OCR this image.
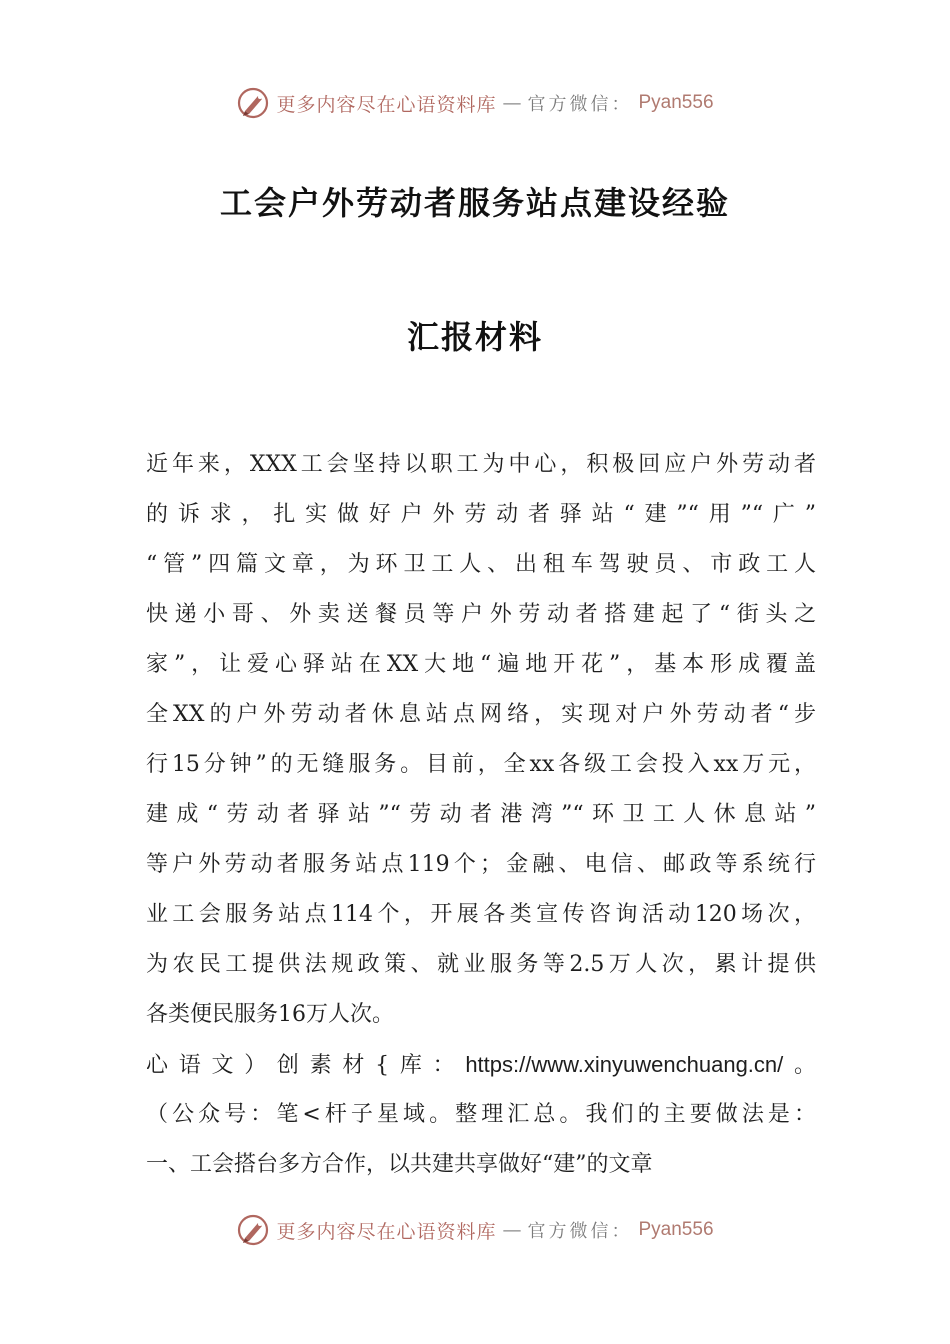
更多内容尽在心语资料库 — 官方微信： Pyan556
工会户外劳动者服务站点建设经验
汇报材料
近年来，XXX工会坚持以职工为中心，积极回应户外劳动者
的诉求，扎实做好户外劳动者驿站“建”“用”“广”
“管”四篇文章，为环卫工人、出租车驾驶员、市政工人
快递小哥、外卖送餐员等户外劳动者搭建起了“街头之
家”，让爱心驿站在XX大地“遍地开花”，基本形成覆盖
全XX的户外劳动者休息站点网络，实现对户外劳动者“步
行15分钟”的无缝服务。目前，全xx各级工会投入xx万元，
建成“劳动者驿站”“劳动者港湾”“环卫工人休息站”
等户外劳动者服务站点119个；金融、电信、邮政等系统行
业工会服务站点114个，开展各类宣传咨询活动120场次，
为农民工提供法规政策、就业服务等2.5万人次，累计提供
各类便民服务16万人次。
心语文）创素材{库：https://www.xinyuwenchuang.cn/。
（公众号：笔<杆子星域。整理汇总。我们的主要做法是：
一、工会搭台多方合作，以共建共享做好“建”的文章
更多内容尽在心语资料库 — 官方微信： Pyan556
